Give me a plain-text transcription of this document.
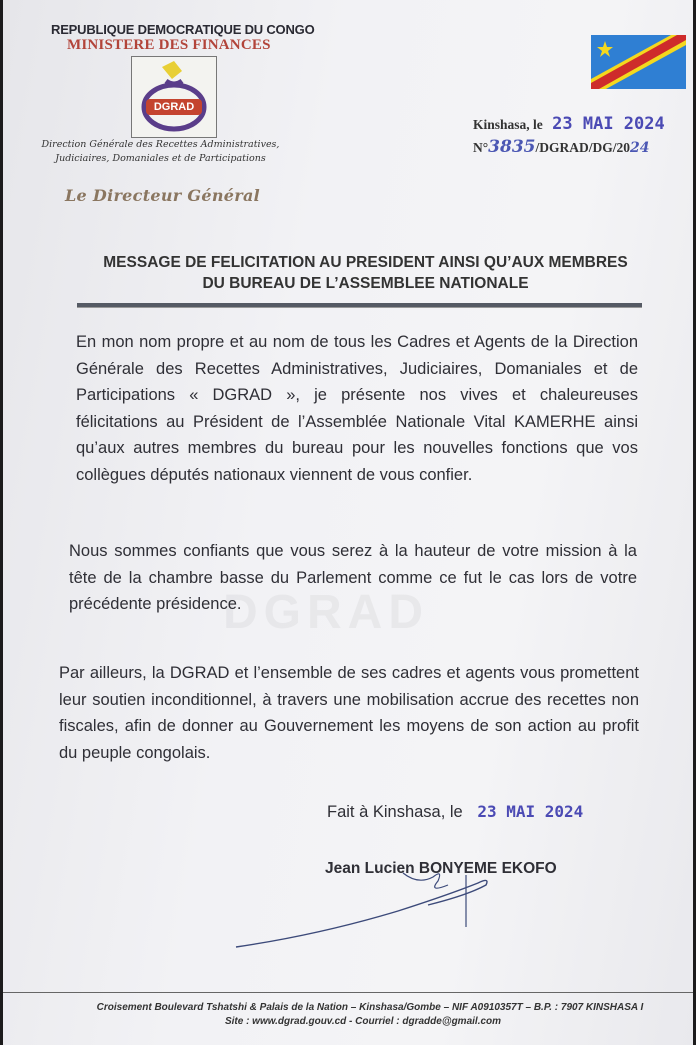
DGRAD
REPUBLIQUE DEMOCRATIQUE DU CONGO
MINISTERE DES FINANCES
DGRAD
Direction Générale des Recettes Administratives,
Judiciaires, Domaniales et de Participations
Le Directeur Général
Kinshasa, le 23 MAI 2024
N°3835/DGRAD/DG/2024
MESSAGE DE FELICITATION AU PRESIDENT AINSI QU’AUX MEMBRES
DU BUREAU DE L’ASSEMBLEE NATIONALE
En mon nom propre et au nom de tous les Cadres et Agents de la Direction Générale des Recettes Administratives, Judiciaires, Domaniales et de Participations « DGRAD », je présente nos vives et chaleureuses félicitations au Président de l’Assemblée Nationale Vital KAMERHE ainsi qu’aux autres membres du bureau pour les nouvelles fonctions que vos collègues députés nationaux viennent de vous confier.
Nous sommes confiants que vous serez à la hauteur de votre mission à la tête de la chambre basse du Parlement comme ce fut le cas lors de votre précédente présidence.
Par ailleurs, la DGRAD et l’ensemble de ses cadres et agents vous promettent leur soutien inconditionnel, à travers une mobilisation accrue des recettes non fiscales, afin de donner au Gouvernement les moyens de son action au profit du peuple congolais.
Fait à Kinshasa, le 23 MAI 2024
Jean Lucien BONYEME EKOFO
Croisement Boulevard Tshatshi & Palais de la Nation – Kinshasa/Gombe – NIF A0910357T – B.P. : 7907 KINSHASA I
Site : www.dgrad.gouv.cd - Courriel : dgradde@gmail.com
